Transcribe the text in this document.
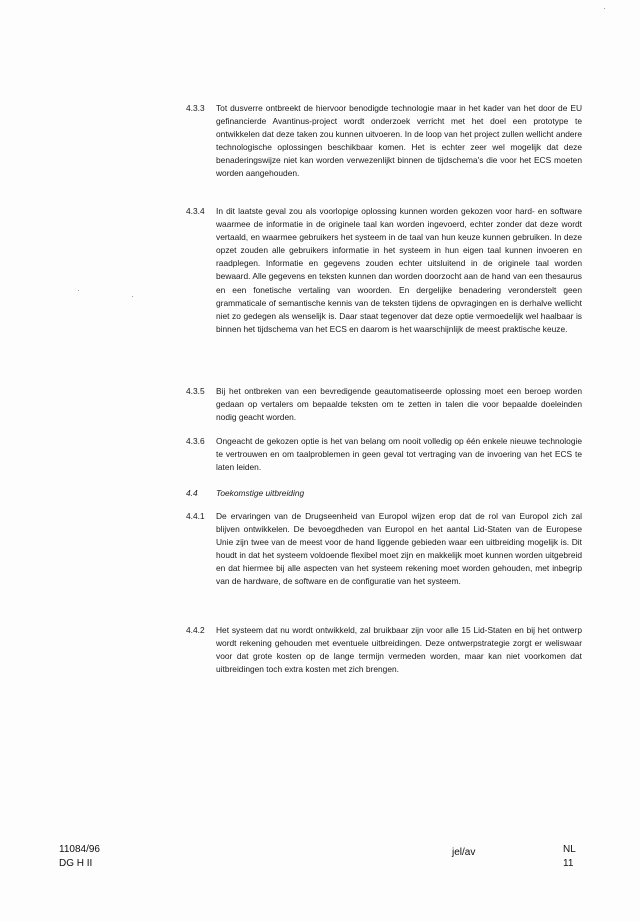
4.3.3	Tot dusverre ontbreekt de hiervoor benodigde technologie maar in het kader van het door de EU gefinancierde Avantinus-project wordt onderzoek verricht met het doel een prototype te ontwikkelen dat deze taken zou kunnen uitvoeren. In de loop van het project zullen wellicht andere technologische oplossingen beschikbaar komen. Het is echter zeer wel mogelijk dat deze benaderingswijze niet kan worden verwezenlijkt binnen de tijdschema's die voor het ECS moeten worden aangehouden.
4.3.4	In dit laatste geval zou als voorlopige oplossing kunnen worden gekozen voor hard- en software waarmee de informatie in de originele taal kan worden ingevoerd, echter zonder dat deze wordt vertaald, en waarmee gebruikers het systeem in de taal van hun keuze kunnen gebruiken. In deze opzet zouden alle gebruikers informatie in het systeem in hun eigen taal kunnen invoeren en raadplegen. Informatie en gegevens zouden echter uitsluitend in de originele taal worden bewaard. Alle gegevens en teksten kunnen dan worden doorzocht aan de hand van een thesaurus en een fonetische vertaling van woorden. En dergelijke benadering veronderstelt geen grammaticale of semantische kennis van de teksten tijdens de opvragingen en is derhalve wellicht niet zo gedegen als wenselijk is. Daar staat tegenover dat deze optie vermoedelijk wel haalbaar is binnen het tijdschema van het ECS en daarom is het waarschijnlijk de meest praktische keuze.
4.3.5	Bij het ontbreken van een bevredigende geautomatiseerde oplossing moet een beroep worden gedaan op vertalers om bepaalde teksten om te zetten in talen die voor bepaalde doeleinden nodig geacht worden.
4.3.6	Ongeacht de gekozen optie is het van belang om nooit volledig op één enkele nieuwe technologie te vertrouwen en om taalproblemen in geen geval tot vertraging van de invoering van het ECS te laten leiden.
4.4	Toekomstige uitbreiding
4.4.1	De ervaringen van de Drugseenheid van Europol wijzen erop dat de rol van Europol zich zal blijven ontwikkelen. De bevoegdheden van Europol en het aantal Lid-Staten van de Europese Unie zijn twee van de meest voor de hand liggende gebieden waar een uitbreiding mogelijk is. Dit houdt in dat het systeem voldoende flexibel moet zijn en makkelijk moet kunnen worden uitgebreid en dat hiermee bij alle aspecten van het systeem rekening moet worden gehouden, met inbegrip van de hardware, de software en de configuratie van het systeem.
4.4.2	Het systeem dat nu wordt ontwikkeld, zal bruikbaar zijn voor alle 15 Lid-Staten en bij het ontwerp wordt rekening gehouden met eventuele uitbreidingen. Deze ontwerpstrategie zorgt er weliswaar voor dat grote kosten op de lange termijn vermeden worden, maar kan niet voorkomen dat uitbreidingen toch extra kosten met zich brengen.
11084/96
DG H II
jel/av	NL
11
